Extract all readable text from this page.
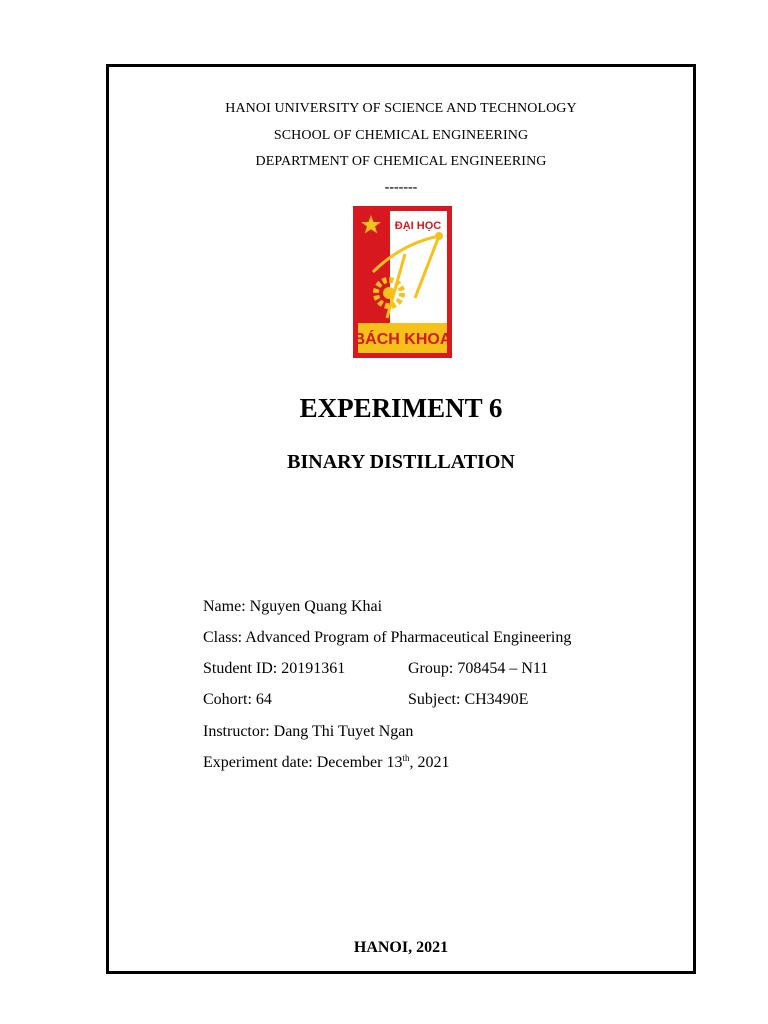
HANOI UNIVERSITY OF SCIENCE AND TECHNOLOGY
SCHOOL OF CHEMICAL ENGINEERING
DEPARTMENT OF CHEMICAL ENGINEERING
-------
ĐẠI HỌC
BÁCH KHOA
EXPERIMENT 6
BINARY DISTILLATION
Name: Nguyen Quang Khai
Class: Advanced Program of Pharmaceutical Engineering
Student ID: 20191361	Group: 708454 – N11
Cohort: 64	Subject: CH3490E
Instructor: Dang Thi Tuyet Ngan
Experiment date: December 13th, 2021
HANOI, 2021
